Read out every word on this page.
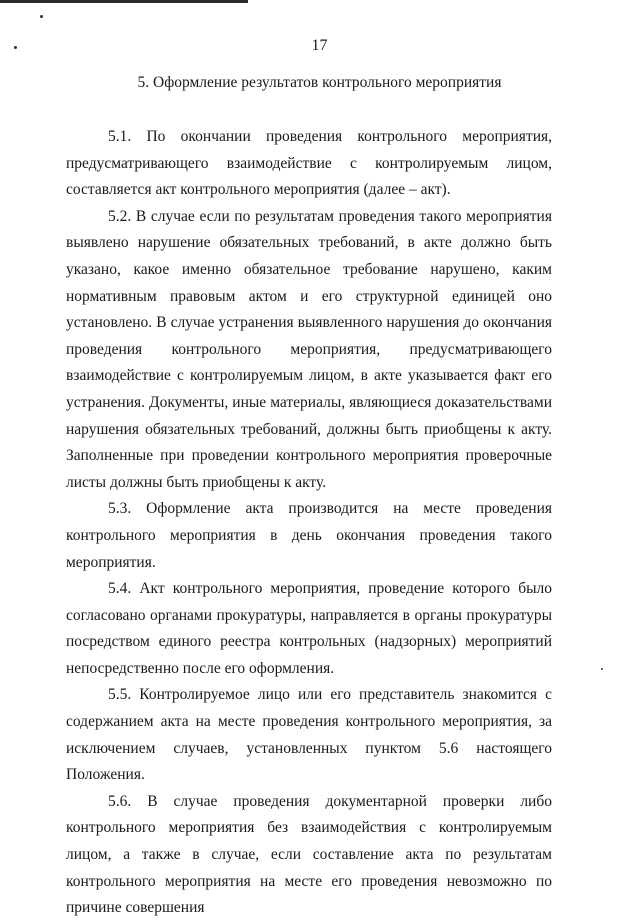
17
5. Оформление результатов контрольного мероприятия

5.1. По окончании проведения контрольного мероприятия, предусматривающего взаимодействие с контролируемым лицом, составляется акт контрольного мероприятия (далее – акт).

5.2. В случае если по результатам проведения такого мероприятия выявлено нарушение обязательных требований, в акте должно быть указано, какое именно обязательное требование нарушено, каким нормативным правовым актом и его структурной единицей оно установлено. В случае устранения выявленного нарушения до окончания проведения контрольного мероприятия, предусматривающего взаимодействие с контролируемым лицом, в акте указывается факт его устранения. Документы, иные материалы, являющиеся доказательствами нарушения обязательных требований, должны быть приобщены к акту. Заполненные при проведении контрольного мероприятия проверочные листы должны быть приобщены к акту.

5.3. Оформление акта производится на месте проведения контрольного мероприятия в день окончания проведения такого мероприятия.

5.4. Акт контрольного мероприятия, проведение которого было согласовано органами прокуратуры, направляется в органы прокуратуры посредством единого реестра контрольных (надзорных) мероприятий непосредственно после его оформления.

5.5. Контролируемое лицо или его представитель знакомится с содержанием акта на месте проведения контрольного мероприятия, за исключением случаев, установленных пунктом 5.6 настоящего Положения.

5.6. В случае проведения документарной проверки либо контрольного мероприятия без взаимодействия с контролируемым лицом, а также в случае, если составление акта по результатам контрольного мероприятия на месте его проведения невозможно по причине совершения
